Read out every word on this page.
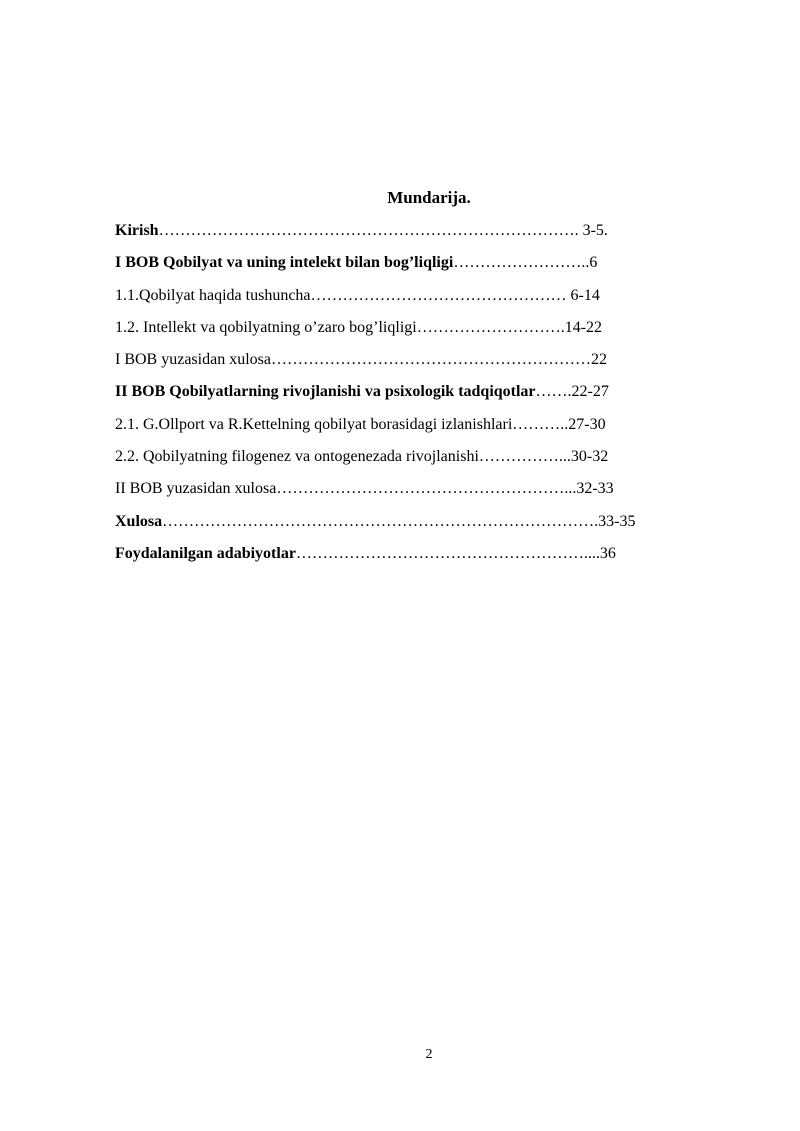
Mundarija.
Kirish……………………………………………………………………. 3-5.
I BOB Qobilyat va uning intelekt bilan bog’liqligi……………………..6
1.1.Qobilyat haqida tushuncha………………………………………… 6-14
1.2. Intellekt va qobilyatning o’zaro bog’liqligi……………………….14-22
I BOB yuzasidan xulosa……………………………………………………22
II BOB Qobilyatlarning rivojlanishi va psixologik tadqiqotlar…….22-27
2.1. G.Ollport va R.Kettelning qobilyat borasidagi izlanishlari………..27-30
2.2. Qobilyatning filogenez va ontogenezada rivojlanishi……………...30-32
II BOB yuzasidan xulosa………………………………………………...32-33
Xulosa……………………………………………………………………….33-35
Foydalanilgan adabiyotlar………………………………………………....36
2
